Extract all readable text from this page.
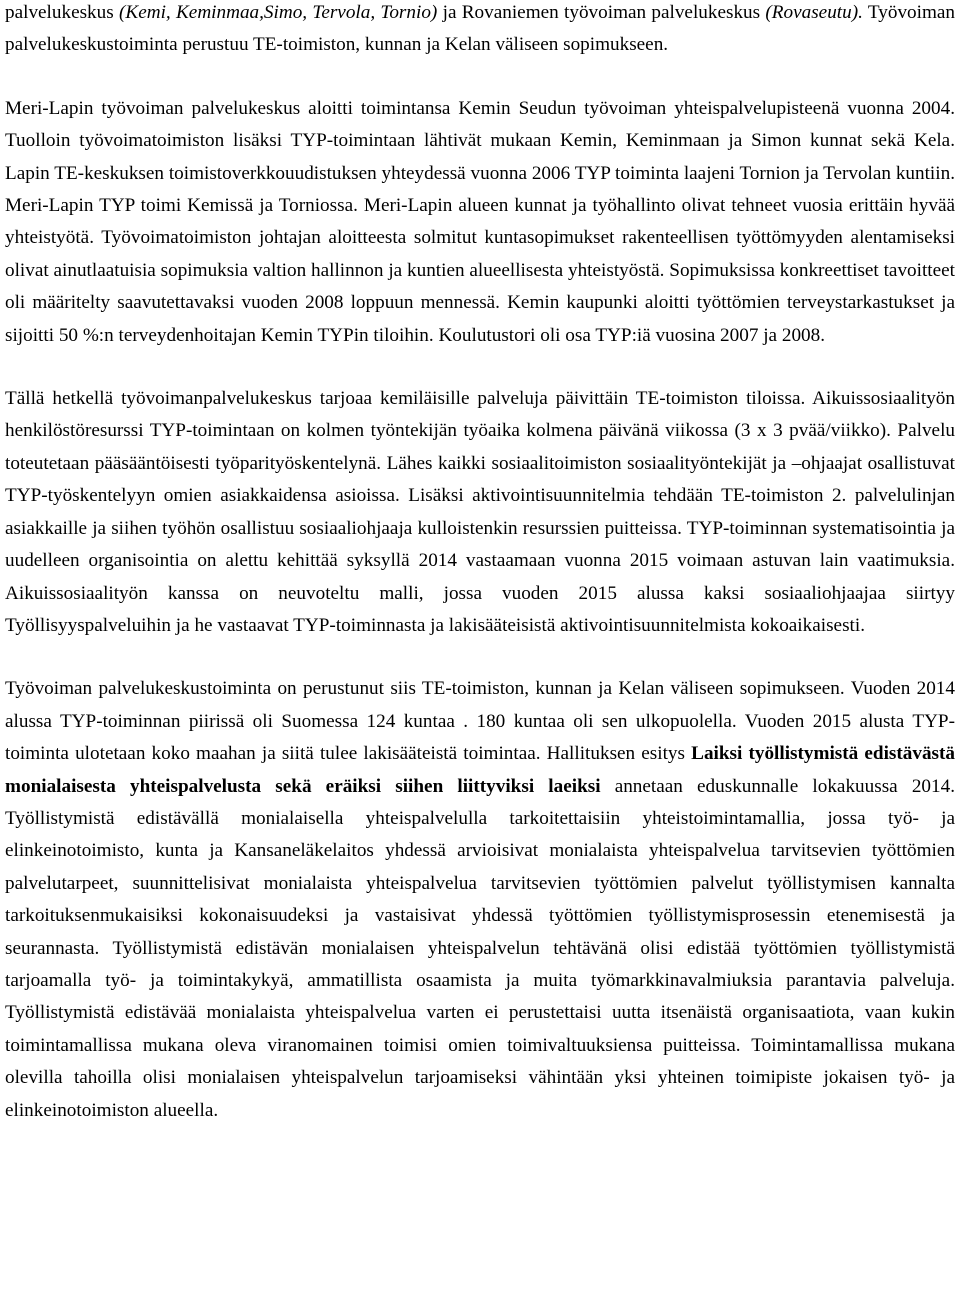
palvelukeskus (Kemi, Keminmaa,Simo, Tervola, Tornio) ja Rovaniemen työvoiman palvelukeskus (Rovaseutu). Työvoiman palvelukeskustoiminta perustuu TE-toimiston, kunnan ja Kelan väliseen sopimukseen.

Meri-Lapin työvoiman palvelukeskus aloitti toimintansa Kemin Seudun työvoiman yhteispalvelupisteenä vuonna 2004. Tuolloin työvoimatoimiston lisäksi TYP-toimintaan lähtivät mukaan Kemin, Keminmaan ja Simon kunnat sekä Kela. Lapin TE-keskuksen toimistoverkkouudistuksen yhteydessä vuonna 2006 TYP toiminta laajeni Tornion ja Tervolan kuntiin. Meri-Lapin TYP toimi Kemissä ja Torniossa. Meri-Lapin alueen kunnat ja työhallinto olivat tehneet vuosia erittäin hyvää yhteistyötä. Työvoimatoimiston johtajan aloitteesta solmitut kuntasopimukset rakenteellisen työttömyyden alentamiseksi olivat ainutlaatuisia sopimuksia valtion hallinnon ja kuntien alueellisesta yhteistyöstä. Sopimuksissa konkreettiset tavoitteet oli määritelty saavutettavaksi vuoden 2008 loppuun mennessä. Kemin kaupunki aloitti työttömien terveystarkastukset ja sijoitti 50 %:n terveydenhoitajan Kemin TYPin tiloihin. Koulutustori oli osa TYP:iä vuosina 2007 ja 2008.

Tällä hetkellä työvoimanpalvelukeskus tarjoaa kemiläisille palveluja päivittäin TE-toimiston tiloissa. Aikuissosiaalityön henkilöstöresurssi TYP-toimintaan on kolmen työntekijän työaika kolmena päivänä viikossa (3 x 3 pvää/viikko). Palvelu toteutetaan pääsääntöisesti työparityöskentelynä. Lähes kaikki sosiaalitoimiston sosiaalityöntekijät ja –ohjaajat osallistuvat TYP-työskentelyyn omien asiakkaidensa asioissa. Lisäksi aktivointisuunnitelmia tehdään TE-toimiston 2. palvelulinjan asiakkaille ja siihen työhön osallistuu sosiaaliohjaaja kulloistenkin resurssien puitteissa. TYP-toiminnan systematisointia ja uudelleen organisointia on alettu kehittää syksyllä 2014 vastaamaan vuonna 2015 voimaan astuvan lain vaatimuksia. Aikuissosiaalityön kanssa on neuvoteltu malli, jossa vuoden 2015 alussa kaksi sosiaaliohjaajaa siirtyy Työllisyyspalveluihin ja he vastaavat TYP-toiminnasta ja lakisääteisistä aktivointisuunnitelmista kokoaikaisesti.

Työvoiman palvelukeskustoiminta on perustunut siis TE-toimiston, kunnan ja Kelan väliseen sopimukseen. Vuoden 2014 alussa TYP-toiminnan piirissä oli Suomessa 124 kuntaa . 180 kuntaa oli sen ulkopuolella. Vuoden 2015 alusta TYP-toiminta ulotetaan koko maahan ja siitä tulee lakisääteistä toimintaa. Hallituksen esitys Laiksi työllistymistä edistävästä monialaisesta yhteispalvelusta sekä eräiksi siihen liittyviksi laeiksi annetaan eduskunnalle lokakuussa 2014. Työllistymistä edistävällä monialaisella yhteispalvelulla tarkoitettaisiin yhteistoimintamallia, jossa työ- ja elinkeinotoimisto, kunta ja Kansaneläkelaitos yhdessä arvioisivat monialaista yhteispalvelua tarvitsevien työttömien palvelutarpeet, suunnittelisivat monialaista yhteispalvelua tarvitsevien työttömien palvelut työllistymisen kannalta tarkoituksenmukaisiksi kokonaisuudeksi ja vastaisivat yhdessä työttömien työllistymisprosessin etenemisestä ja seurannasta. Työllistymistä edistävän monialaisen yhteispalvelun tehtävänä olisi edistää työttömien työllistymistä tarjoamalla työ- ja toimintakykyä, ammatillista osaamista ja muita työmarkkinavalmiuksia parantavia palveluja. Työllistymistä edistävää monialaista yhteispalvelua varten ei perustettaisi uutta itsenäistä organisaatiota, vaan kukin toimintamallissa mukana oleva viranomainen toimisi omien toimivaltuuksiensa puitteissa. Toimintamallissa mukana olevilla tahoilla olisi monialaisen yhteispalvelun tarjoamiseksi vähintään yksi yhteinen toimipiste jokaisen työ- ja elinkeinotoimiston alueella.
